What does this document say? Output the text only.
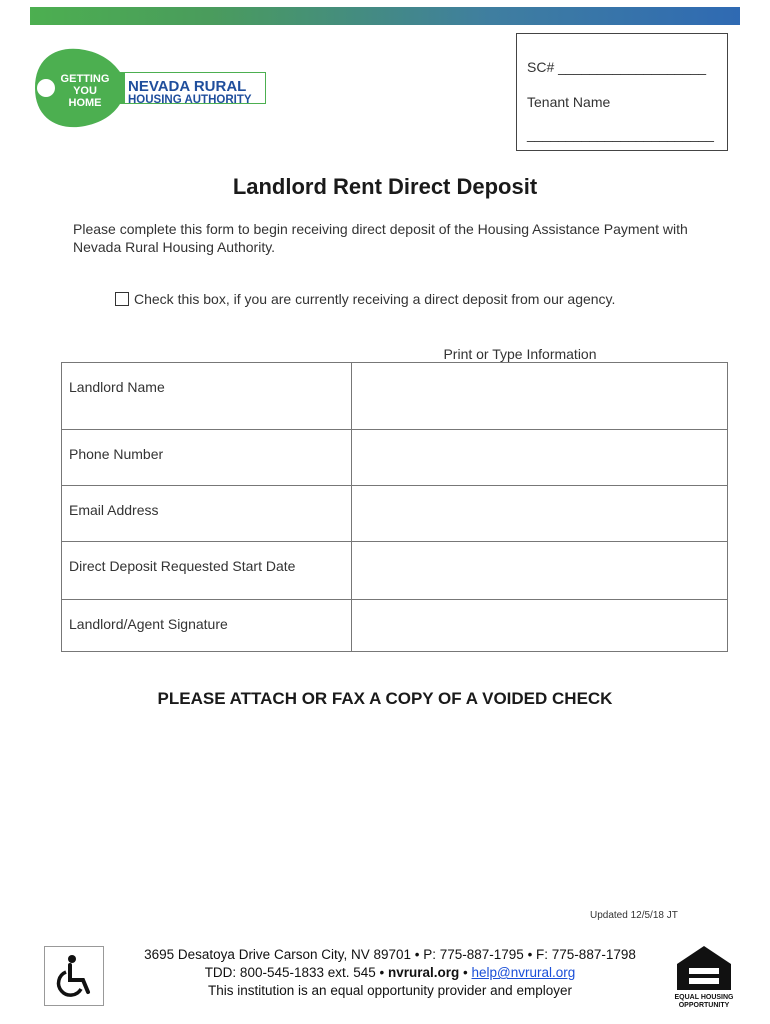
GETTING
YOU
HOME
NEVADA RURAL
HOUSING AUTHORITY
SC# ___________________
Tenant Name
________________________
Landlord Rent Direct Deposit
Please complete this form to begin receiving direct deposit of the Housing Assistance Payment with Nevada Rural Housing Authority.
Check this box, if you are currently receiving a direct deposit from our agency.
Print or Type Information
Landlord Name	
Phone Number	
Email Address	
Direct Deposit Requested Start Date	
Landlord/Agent Signature	
PLEASE ATTACH OR FAX A COPY OF A VOIDED CHECK
Updated 12/5/18 JT
3695 Desatoya Drive Carson City, NV 89701 • P: 775-887-1795 • F: 775-887-1798
TDD: 800-545-1833 ext. 545 • nvrural.org • help@nvrural.org
This institution is an equal opportunity provider and employer	EQUAL HOUSING
OPPORTUNITY
